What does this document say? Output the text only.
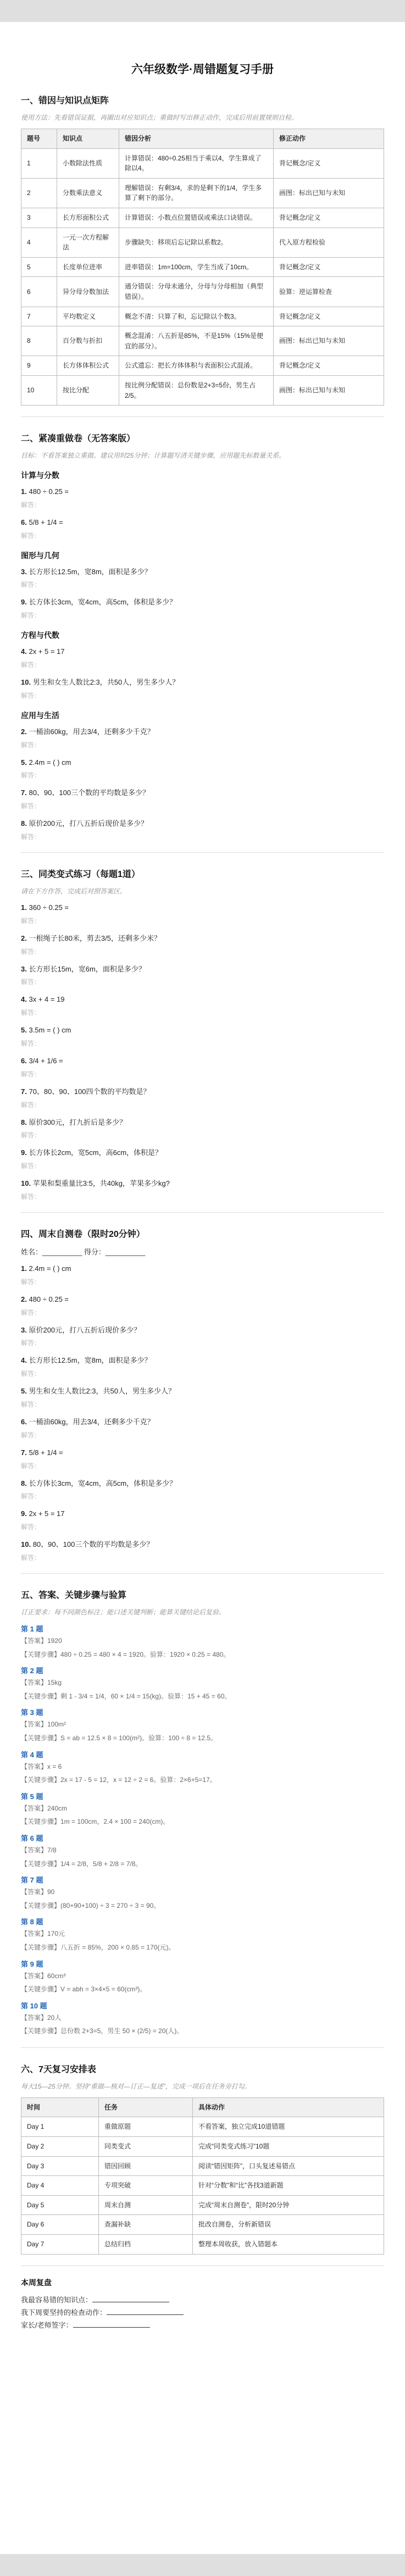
六年级数学·周错题复习手册
一、错因与知识点矩阵

使用方法：先看错误证据，再圈出对应知识点；重做时写出修正动作，完成后用前置规则自检。

题号	知识点	错因分析	修正动作
1	小数除法性质	计算错误：480÷0.25相当于乘以4，学生算成了除以4。	背记概念/定义
2	分数乘法意义	理解错误：有剩3/4，求的是剩下的1/4，学生多算了剩下的部分。	画图：标出已知与未知
3	长方形面积公式	计算错误：小数点位置错误或乘法口诀错误。	背记概念/定义
4	一元一次方程解法	步骤缺失：移项后忘记除以系数2。	代入原方程检验
5	长度单位进率	进率错误：1m=100cm，学生当成了10cm。	背记概念/定义
6	异分母分数加法	通分错误：分母未通分，分母与分母相加（典型错误）。	验算：逆运算检查
7	平均数定义	概念不清：只算了和，忘记除以个数3。	背记概念/定义
8	百分数与折扣	概念混淆：八五折是85%，不是15%（15%是便宜的部分）。	画图：标出已知与未知
9	长方体体积公式	公式遗忘：把长方体体积与表面积公式混淆。	背记概念/定义
10	按比分配	按比例分配错误：总份数是2+3=5份，男生占2/5。	画图：标出已知与未知
二、紧凑重做卷（无答案版）

目标：不看答案独立重做。建议用时25分钟；计算题写清关键步骤，应用题先标数量关系。

计算与分数

1. 480 ÷ 0.25 =

解答：

6. 5/8 + 1/4 =

解答：

图形与几何

3. 长方形长12.5m，宽8m，面积是多少？

解答：

9. 长方体长3cm，宽4cm，高5cm，体积是多少？

解答：

方程与代数

4. 2x + 5 = 17

解答：

10. 男生和女生人数比2:3，共50人，男生多少人？

解答：

应用与生活

2. 一桶油60kg，用去3/4，还剩多少千克？

解答：

5. 2.4m = ( ) cm

解答：

7. 80、90、100三个数的平均数是多少？

解答：

8. 原价200元，打八五折后现价是多少？

解答：

三、同类变式练习（每题1道）

请在下方作答，完成后对照答案区。

1. 360 ÷ 0.25 =

解答：

2. 一根绳子长80米，剪去3/5，还剩多少米？

解答：

3. 长方形长15m，宽6m，面积是多少？

解答：

4. 3x + 4 = 19

解答：

5. 3.5m = ( ) cm

解答：

6. 3/4 + 1/6 =

解答：

7. 70、80、90、100四个数的平均数是？

解答：

8. 原价300元，打九折后是多少？

解答：

9. 长方体长2cm，宽5cm，高6cm，体积是？

解答：

10. 苹果和梨重量比3:5，共40kg，苹果多少kg?

解答：

四、周末自测卷（限时20分钟）

姓名：__________ 得分：__________

1. 2.4m = ( ) cm

解答：

2. 480 ÷ 0.25 =

解答：

3. 原价200元，打八五折后现价多少？

解答：

4. 长方形长12.5m，宽8m，面积是多少？

解答：

5. 男生和女生人数比2:3，共50人，男生多少人？

解答：

6. 一桶油60kg，用去3/4，还剩多少千克？

解答：

7. 5/8 + 1/4 =

解答：

8. 长方体长3cm，宽4cm，高5cm，体积是多少？

解答：

9. 2x + 5 = 17

解答：

10. 80、90、100三个数的平均数是多少？

解答：

五、答案、关键步骤与验算

订正要求：每不同颜色标注；能口述关键判断；能算关键结论后复验。

第 1 题
【答案】1920
【关键步骤】480 ÷ 0.25 = 480 × 4 = 1920。验算：1920 × 0.25 = 480。
第 2 题
【答案】15kg
【关键步骤】剩 1 - 3/4 = 1/4，60 × 1/4 = 15(kg)。验算：15 + 45 = 60。
第 3 题
【答案】100m²
【关键步骤】S = ab = 12.5 × 8 = 100(m²)。验算：100 ÷ 8 = 12.5。
第 4 题
【答案】x = 6
【关键步骤】2x = 17 - 5 = 12，x = 12 ÷ 2 = 6。验算：2×6+5=17。
第 5 题
【答案】240cm
【关键步骤】1m = 100cm，2.4 × 100 = 240(cm)。
第 6 题
【答案】7/8
【关键步骤】1/4 = 2/8，5/8 + 2/8 = 7/8。
第 7 题
【答案】90
【关键步骤】(80+90+100) ÷ 3 = 270 ÷ 3 = 90。
第 8 题
【答案】170元
【关键步骤】八五折 = 85%，200 × 0.85 = 170(元)。
第 9 题
【答案】60cm³
【关键步骤】V = abh = 3×4×5 = 60(cm³)。
第 10 题
【答案】20人
【关键步骤】总份数 2+3=5，男生 50 × (2/5) = 20(人)。
六、7天复习安排表

每天15—25分钟。坚持“重做—核对—订正—复述”，完成一项后在任务旁打勾。

时间	任务	具体动作
Day 1	重做原题	不看答案，独立完成10道错题
Day 2	同类变式	完成“同类变式练习”10题
Day 3	错因回顾	阅读“错因矩阵”，口头复述易错点
Day 4	专项突破	针对“分数”和“比”各找3道新题
Day 5	周末自测	完成“周末自测卷”，限时20分钟
Day 6	查漏补缺	批改自测卷，分析新错误
Day 7	总结归档	整理本周收获，放入错题本
本周复盘
我最容易错的知识点：
我下周要坚持的检查动作：
家长/老师签字：
